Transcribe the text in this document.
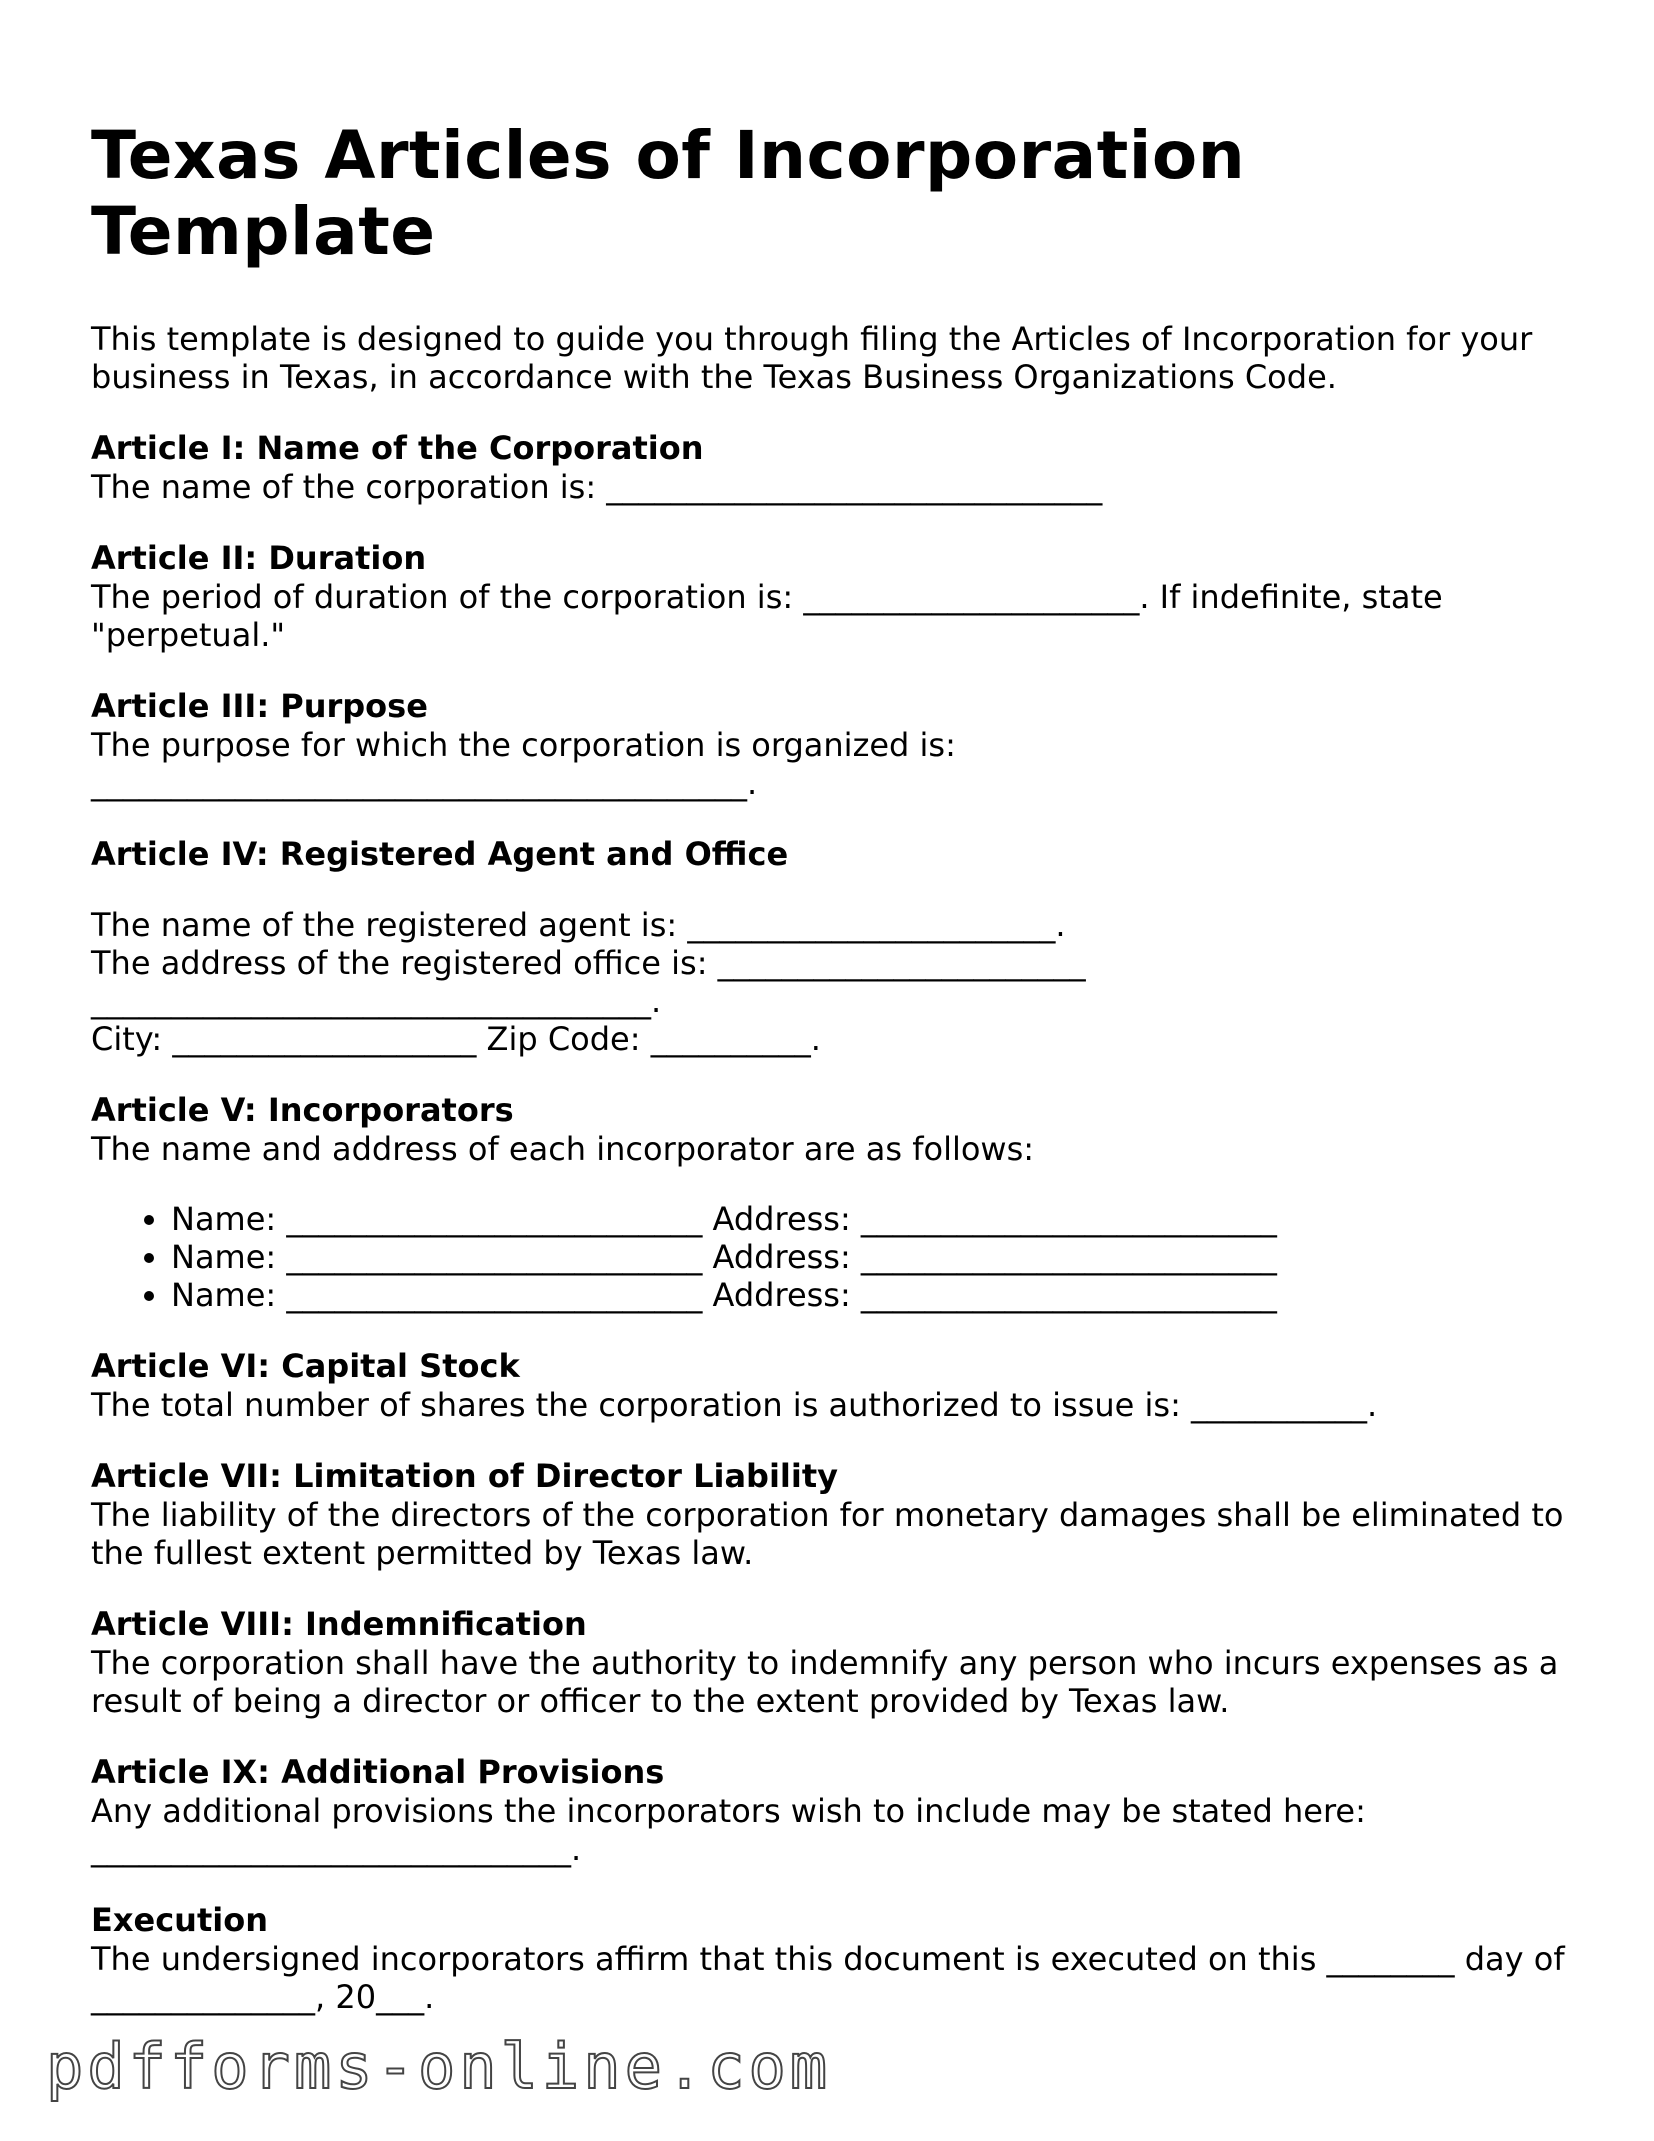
Texas Articles of Incorporation Template

This template is designed to guide you through filing the Articles of Incorporation for your business in Texas, in accordance with the Texas Business Organizations Code.

Article I: Name of the Corporation

The name of the corporation is: _______________________________

Article II: Duration

The period of duration of the corporation is: _____________________. If indefinite, state "perpetual."

Article III: Purpose

The purpose for which the corporation is organized is: _________________________________________.

Article IV: Registered Agent and Office

The name of the registered agent is: _______________________.

The address of the registered office is: _______________________ ___________________________________.

City: ___________________ Zip Code: __________.

Article V: Incorporators

The name and address of each incorporator are as follows:

• Name: __________________________ Address: __________________________
• Name: __________________________ Address: __________________________
• Name: __________________________ Address: __________________________
Article VI: Capital Stock

The total number of shares the corporation is authorized to issue is: ___________.

Article VII: Limitation of Director Liability

The liability of the directors of the corporation for monetary damages shall be eliminated to the fullest extent permitted by Texas law.

Article VIII: Indemnification

The corporation shall have the authority to indemnify any person who incurs expenses as a result of being a director or officer to the extent provided by Texas law.

Article IX: Additional Provisions

Any additional provisions the incorporators wish to include may be stated here: ______________________________.

Execution

The undersigned incorporators affirm that this document is executed on this ________ day of ______________, 20___.

pdfforms-online.com
